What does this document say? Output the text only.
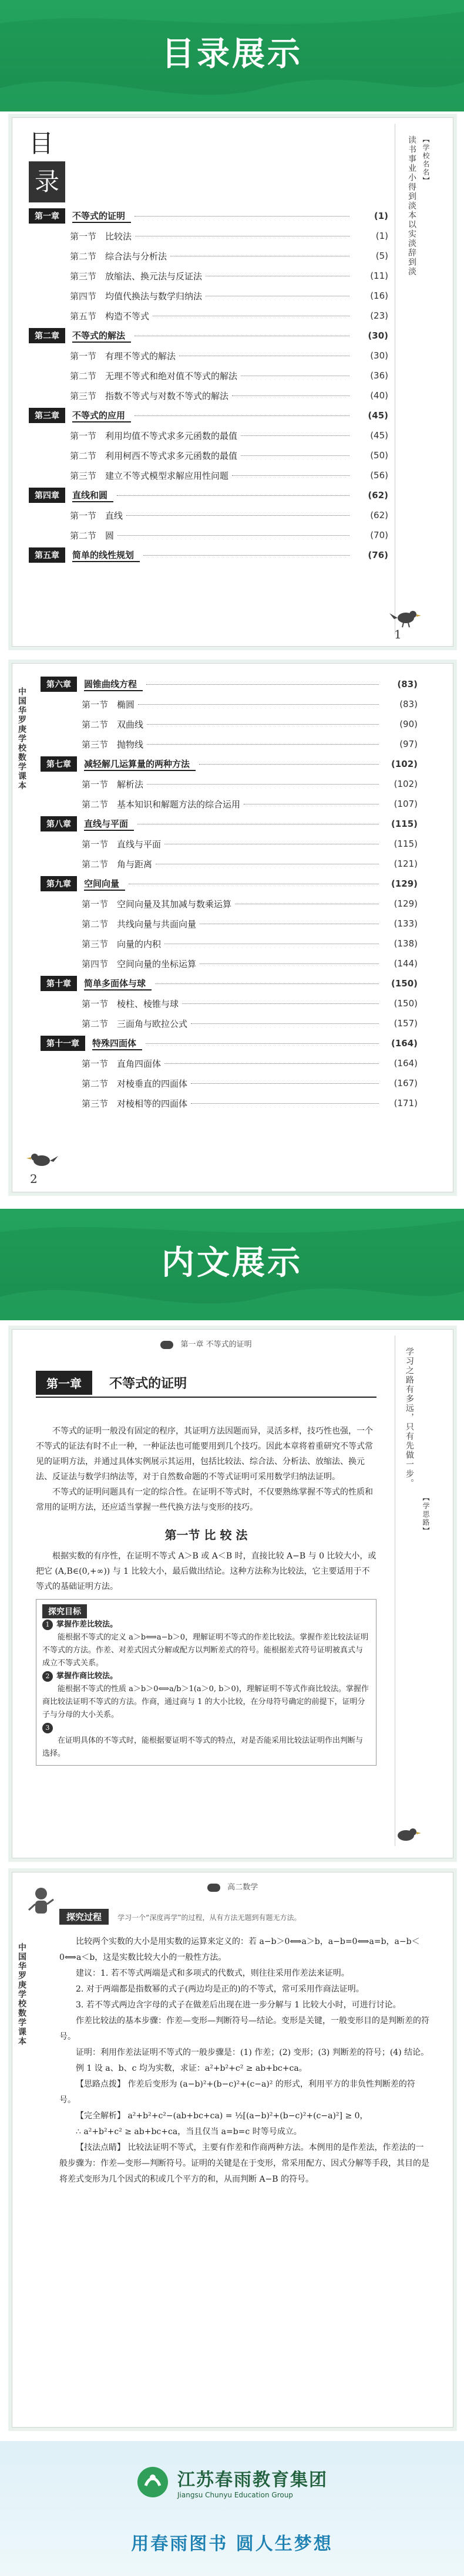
目录展示
目
录
第一章	不等式的证明	(1)
第一节 比较法	(1)
第二节 综合法与分析法	(5)
第三节 放缩法、换元法与反证法	(11)
第四节 均值代换法与数学归纳法	(16)
第五节 构造不等式	(23)
第二章	不等式的解法	(30)
第一节 有理不等式的解法	(30)
第二节 无理不等式和绝对值不等式的解法	(36)
第三节 指数不等式与对数不等式的解法	(40)
第三章	不等式的应用	(45)
第一节 利用均值不等式求多元函数的最值	(45)
第二节 利用柯西不等式求多元函数的最值	(50)
第三节 建立不等式模型求解应用性问题	(56)
第四章	直线和圆	(62)
第一节 直线	(62)
第二节 圆	(70)
第五章	简单的线性规划	(76)
读书事业小得到淡本以实淡辞到淡 【学校名名】
1
中国华罗庚学校数学课本
第六章	圆锥曲线方程	(83)
第一节 椭圆	(83)
第二节 双曲线	(90)
第三节 抛物线	(97)
第七章	减轻解几运算量的两种方法	(102)
第一节 解析法	(102)
第二节 基本知识和解题方法的综合运用	(107)
第八章	直线与平面	(115)
第一节 直线与平面	(115)
第二节 角与距离	(121)
第九章	空间向量	(129)
第一节 空间向量及其加减与数乘运算	(129)
第二节 共线向量与共面向量	(133)
第三节 向量的内积	(138)
第四节 空间向量的坐标运算	(144)
第十章	简单多面体与球	(150)
第一节 棱柱、棱锥与球	(150)
第二节 三面角与欧拉公式	(157)
第十一章	特殊四面体	(164)
第一节 直角四面体	(164)
第二节 对棱垂直的四面体	(167)
第三节 对棱相等的四面体	(171)
2
内文展示
第一章 不等式的证明
第一章 不等式的证明	学习之路有多远，只有先做一步。
【学思路】

不等式的证明一般没有固定的程序，其证明方法因题而异，灵活多样，技巧性也强，一个不等式的证法有时不止一种，一种证法也可能要用到几个技巧。因此本章将着重研究不等式常见的证明方法，并通过具体实例展示其运用，包括比较法、综合法、分析法、放缩法、换元法、反证法与数学归纳法等，对于自然数命题的不等式证明可采用数学归纳法证明。

不等式的证明问题具有一定的综合性。在证明不等式时，不仅要熟练掌握不等式的性质和常用的证明方法，还应适当掌握一些代换方法与变形的技巧。

第一节 比 较 法

根据实数的有序性，在证明不等式 A＞B 或 A＜B 时，直接比较 A−B 与 0 比较大小，或把它 (A,B∈(0,+∞)) 与 1 比较大小，最后做出结论。这种方法称为比较法，它主要适用于不等式的基础证明方法。

探究目标
1 掌握作差比较法。
能根据不等式的定义 a＞b⟺a−b＞0，理解证明不等式的作差比较法。掌握作差比较法证明不等式的方法。作差、对差式因式分解或配方以判断差式的符号。能根据差式符号证明被真式与成立不等式关系。
2 掌握作商比较法。
能根据不等式的性质 a＞b＞0⟺a/b＞1(a＞0, b＞0)，理解证明不等式作商比较法。掌握作商比较法证明不等式的方法。作商，通过商与 1 的大小比较，在分母符号确定的前提下，证明分子与分母的大小关系。
3
在证明具体的不等式时，能根据要证明不等式的特点，对是否能采用比较法证明作出判断与选择。
高二数学
中国华罗庚学校数学课本
探究过程 学习一个“深度再学”的过程，从有方法无题到有题无方法。

比较两个实数的大小是用实数的运算来定义的：若 a−b＞0⟺a＞b，a−b=0⟺a=b，a−b＜0⟺a＜b，这是实数比较大小的一般性方法。

建议：1. 若不等式两端是式和多项式的代数式，则往往采用作差法来证明。

2. 对于两端都是指数幂的式子(两边均是正的)的不等式，常可采用作商法证明。

3. 若不等式两边含字母的式子在做差后出现在进一步分解与 1 比较大小时，可进行讨论。

作差比较法的基本步骤：作差—变形—判断符号—结论。变形是关键，一般变形目的是判断差的符号。

证明：利用作差法证明不等式的一般步骤是：(1) 作差；(2) 变形；(3) 判断差的符号；(4) 结论。

例 1 设 a、b、c 均为实数，求证：a²+b²+c² ≥ ab+bc+ca。

【思路点拨】 作差后变形为 (a−b)²+(b−c)²+(c−a)² 的形式，利用平方的非负性判断差的符号。

【完全解析】 a²+b²+c²−(ab+bc+ca) = ½[(a−b)²+(b−c)²+(c−a)²] ≥ 0，

∴ a²+b²+c² ≥ ab+bc+ca，当且仅当 a=b=c 时等号成立。

【技法点睛】 比较法证明不等式，主要有作差和作商两种方法。本例用的是作差法，作差法的一般步骤为：作差—变形—判断符号。证明的关键是在于变形，常采用配方、因式分解等手段，其目的是将差式变形为几个因式的积或几个平方的和，从而判断 A−B 的符号。

江苏春雨教育集团
Jiangsu Chunyu Education Group
用春雨图书 圆人生梦想
